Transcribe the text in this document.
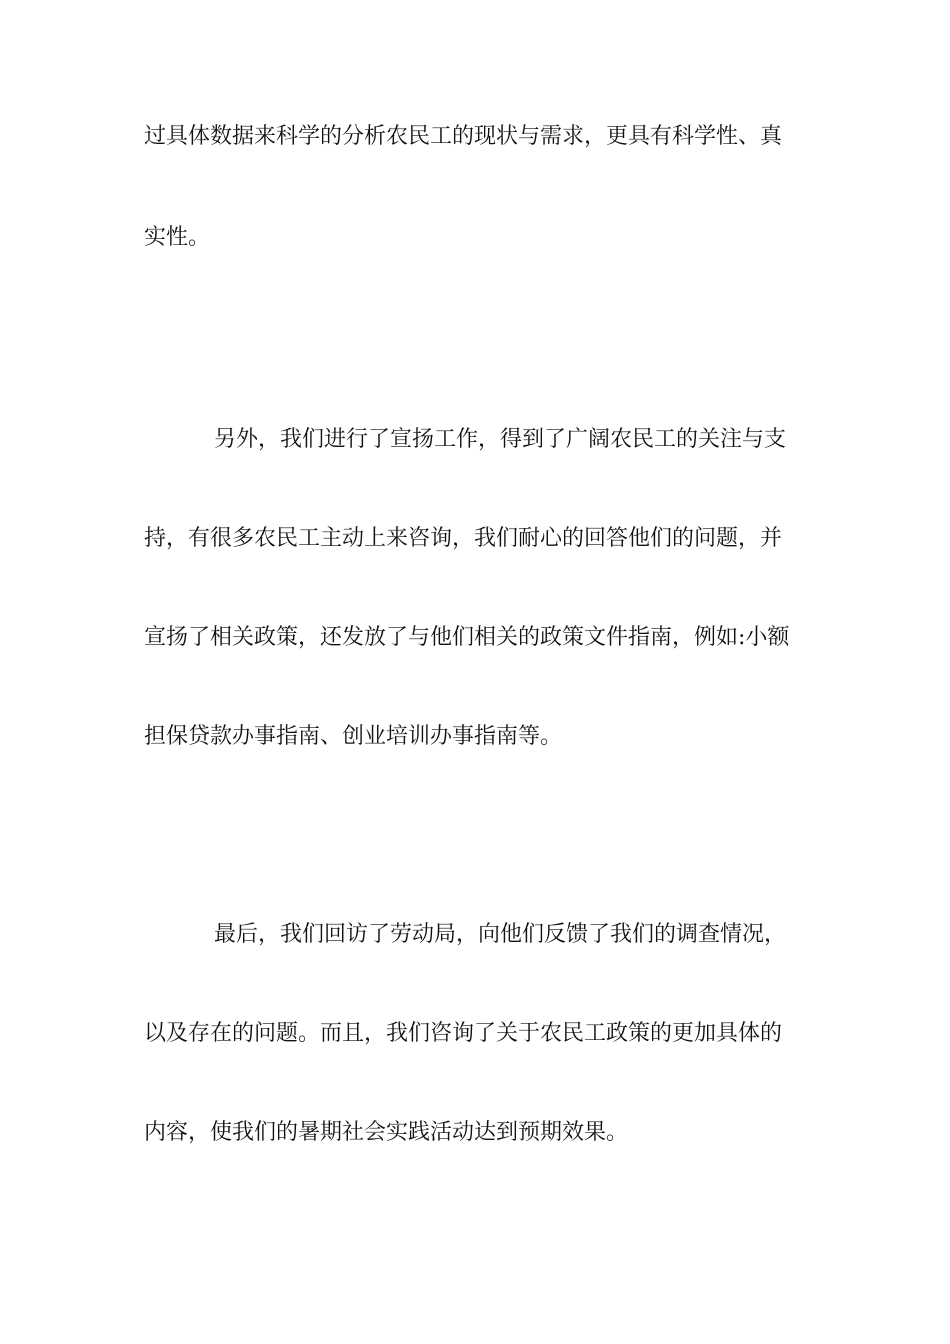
过具体数据来科学的分析农民工的现状与需求，更具有科学性、真
实性。
另外，我们进行了宣扬工作，得到了广阔农民工的关注与支
持，有很多农民工主动上来咨询，我们耐心的回答他们的问题，并
宣扬了相关政策，还发放了与他们相关的政策文件指南，例如:小额
担保贷款办事指南、创业培训办事指南等。
最后，我们回访了劳动局，向他们反馈了我们的调查情况，
以及存在的问题。而且，我们咨询了关于农民工政策的更加具体的
内容，使我们的暑期社会实践活动达到预期效果。
